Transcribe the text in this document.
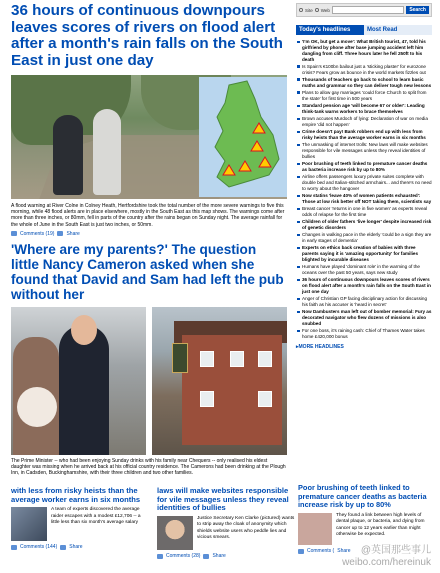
36 hours of continuous downpours leaves scores of rivers on flood alert after a month's rain falls on the South East in just one day
A flood warning at River Colne in Colney Heath, Hertfordshire took the total number of the more severe warnings to five this morning, while 48 flood alerts are in place elsewhere, mostly in the South East as this map shows. The warnings come after more than three inches, or 80mm, fell in parts of the country after the rains began on Sunday night. The average rainfall for the whole of June in the South East is just two inches, or 50mm.
Comments (19) Share
'Where are my parents?' The question little Nancy Cameron asked when she found that David and Sam had left the pub without her
The Prime Minister -- who had been enjoying Sunday drinks with his family near Chequers -- only realised his eldest daughter was missing when he arrived back at his official country residence. The Camerons had been drinking at the Plough Inn, in Cadsden, Buckinghamshire, with their three children and two other families.
with less from risky heists than the average worker earns in six months
A team of experts discovered the average raider escapes with a modest £12,706 -- a little less than six month's average salary
Comments (144) Share
laws will make websites responsible for vile messages unless they reveal identities of bullies
Justice Secretary Ken Clarke (pictured) wants to strip away the cloak of anonymity which shields website users who peddle lies and vicious smears.
Comments (28) Share
Site Web	Search
Today's headlines	Most Read
'I'm OK, but get a move': What British tourist, 47, told his girlfriend by phone after base jumping accident left him dangling from cliff. Three hours later he fell 250ft to his death
Is Spain's €100bn bailout just a 'sticking plaster' for eurozone crisis? Fears grow as bounce in the world markets fizzles out
Thousands of teachers go back to school to learn basic maths and grammar so they can deliver tough new lessons
Plans to allow gay marriages 'could force Church to split from the state' for first time in 500 years
Standard pension age 'will become 67 or older': Leading think-tank warns workers to brace themselves
Brown accuses Murdoch of lying: Declaration of war on media empire 'did not happen'
Crime doesn't pay! Bank robbers end up with less from risky heists than the average worker earns in six months
The unmasking of internet trolls: New laws will make websites responsible for vile messages unless they reveal identities of bullies
Poor brushing of teeth linked to premature cancer deaths as bacteria increase risk by up to 80%
Airline offers passengers luxury private suites complete with double bed and Italian-stitched armchairs... and there's no need to worry about the hangover
Now statins 'leave 40% of women patients exhausted': Those at low risk better off NOT taking them, scientists say
Breast cancer 'returns in one in five women' as experts reveal odds of relapse for the first time
Children of older fathers 'live longer' despite increased risk of genetic disorders
Changes in walking pace in the elderly 'could be a sign they are in early stages of dementia'
Experts on ethics back creation of babies with three parents saying it is 'amazing opportunity' for families blighted by incurable diseases
Humans have played 'dominant role' in the warming of the oceans over the past 50 years, says new study
36 hours of continuous downpours leaves scores of rivers on flood alert after a month's rain falls on the South East in just one day
Anger of Christian GP facing disciplinary action for discussing his faith as his accuser is 'heard in secret'
Now Dambusters man left out of bomber memorial: Fury as decorated navigator who flew dozens of missions is also snubbed
For one boss, it's raining cash: Chief of Thames Water takes home £420,000 bonus
▸ MORE HEADLINES
Poor brushing of teeth linked to premature cancer deaths as bacteria increase risk by up to 80%
They found a link between high levels of dental plaque, or bacteria, and dying from cancer up to 12 years earlier than might otherwise be expected.
Comments ( Share	@英国那些事儿
weibo.com/hereinuk
